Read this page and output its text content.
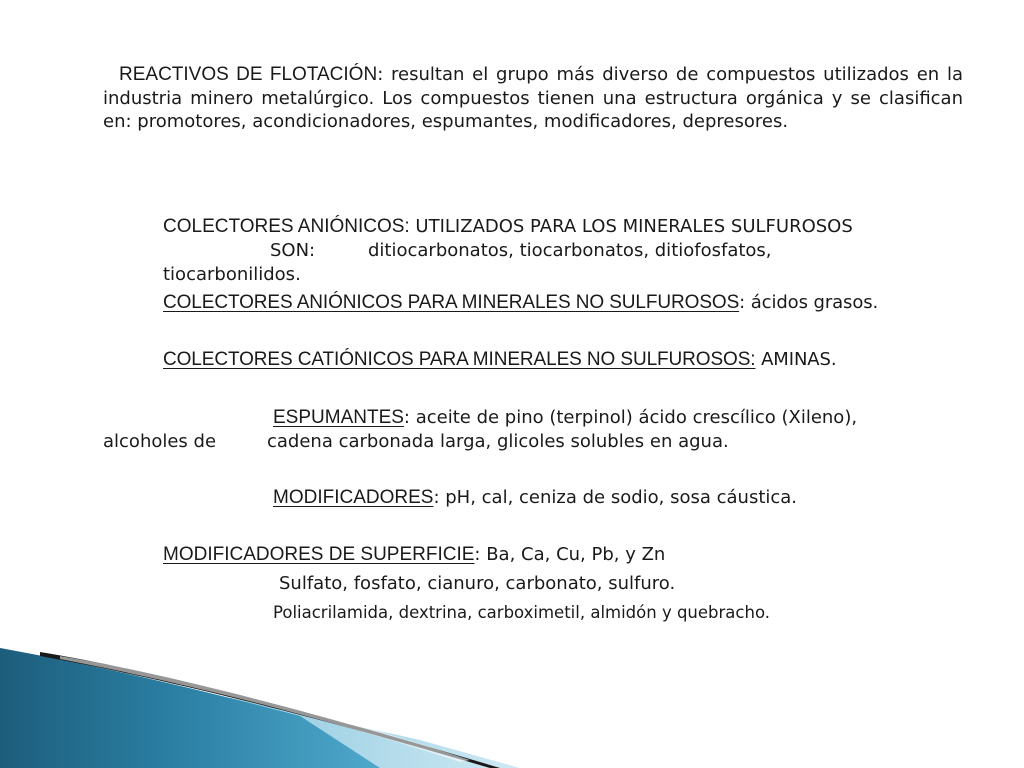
REACTIVOS DE FLOTACIÓN: resultan el grupo más diverso de compuestos utilizados en la industria minero metalúrgico. Los compuestos tienen una estructura orgánica y se clasifican en: promotores, acondicionadores, espumantes, modificadores, depresores.

COLECTORES ANIÓNICOS: UTILIZADOS PARA LOS MINERALES SULFUROSOS

SON:	ditiocarbonatos, tiocarbonatos, ditiofosfatos,

tiocarbonilidos.

COLECTORES ANIÓNICOS PARA MINERALES NO SULFUROSOS: ácidos grasos.

COLECTORES CATIÓNICOS PARA MINERALES NO SULFUROSOS: AMINAS.

ESPUMANTES: aceite de pino (terpinol) ácido crescílico (Xileno),

alcoholes de	cadena carbonada larga, glicoles solubles en agua.

MODIFICADORES: pH, cal, ceniza de sodio, sosa cáustica.

MODIFICADORES DE SUPERFICIE: Ba, Ca, Cu, Pb, y Zn

Sulfato, fosfato, cianuro, carbonato, sulfuro.

Poliacrilamida, dextrina, carboximetil, almidón y quebracho.
